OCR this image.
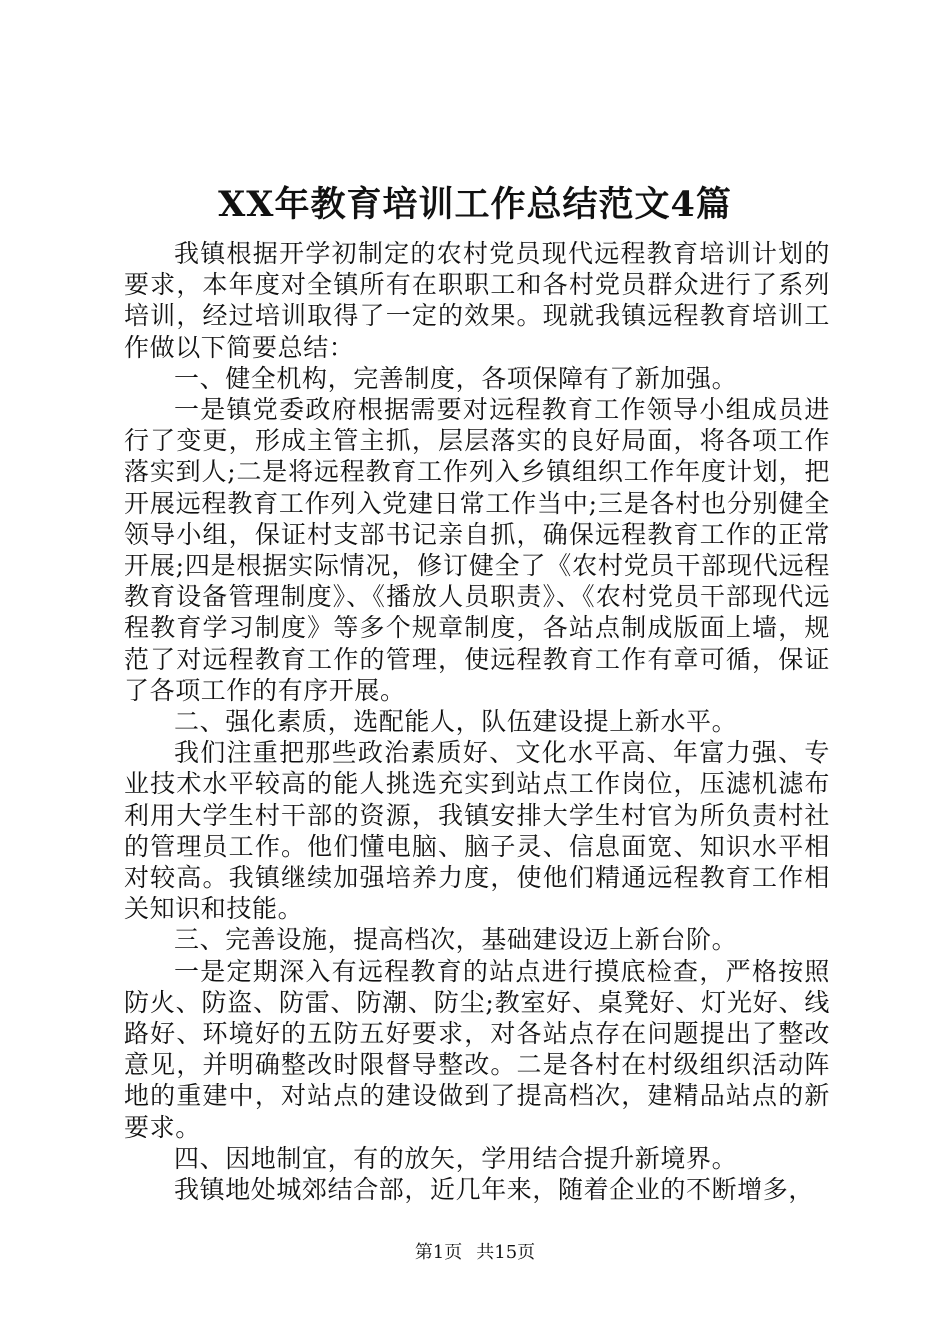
XX年教育培训工作总结范文4篇

我镇根据开学初制定的农村党员现代远程教育培训计划的要求，本年度对全镇所有在职职工和各村党员群众进行了系列培训，经过培训取得了一定的效果。现就我镇远程教育培训工作做以下简要总结：

一、健全机构，完善制度，各项保障有了新加强。

一是镇党委政府根据需要对远程教育工作领导小组成员进行了变更，形成主管主抓，层层落实的良好局面，将各项工作落实到人;二是将远程教育工作列入乡镇组织工作年度计划，把开展远程教育工作列入党建日常工作当中;三是各村也分别健全领导小组，保证村支部书记亲自抓，确保远程教育工作的正常开展;四是根据实际情况，修订健全了《农村党员干部现代远程教育设备管理制度》、《播放人员职责》、《农村党员干部现代远程教育学习制度》等多个规章制度，各站点制成版面上墙，规范了对远程教育工作的管理，使远程教育工作有章可循，保证了各项工作的有序开展。

二、强化素质，选配能人，队伍建设提上新水平。

我们注重把那些政治素质好、文化水平高、年富力强、专业技术水平较高的能人挑选充实到站点工作岗位，压滤机滤布利用大学生村干部的资源，我镇安排大学生村官为所负责村社的管理员工作。他们懂电脑、脑子灵、信息面宽、知识水平相对较高。我镇继续加强培养力度，使他们精通远程教育工作相关知识和技能。

三、完善设施，提高档次，基础建设迈上新台阶。

一是定期深入有远程教育的站点进行摸底检查，严格按照防火、防盗、防雷、防潮、防尘;教室好、桌凳好、灯光好、线路好、环境好的五防五好要求，对各站点存在问题提出了整改意见，并明确整改时限督导整改。二是各村在村级组织活动阵地的重建中，对站点的建设做到了提高档次，建精品站点的新要求。

四、因地制宜，有的放矢，学用结合提升新境界。

我镇地处城郊结合部，近几年来，随着企业的不断增多，

第1页 共15页
